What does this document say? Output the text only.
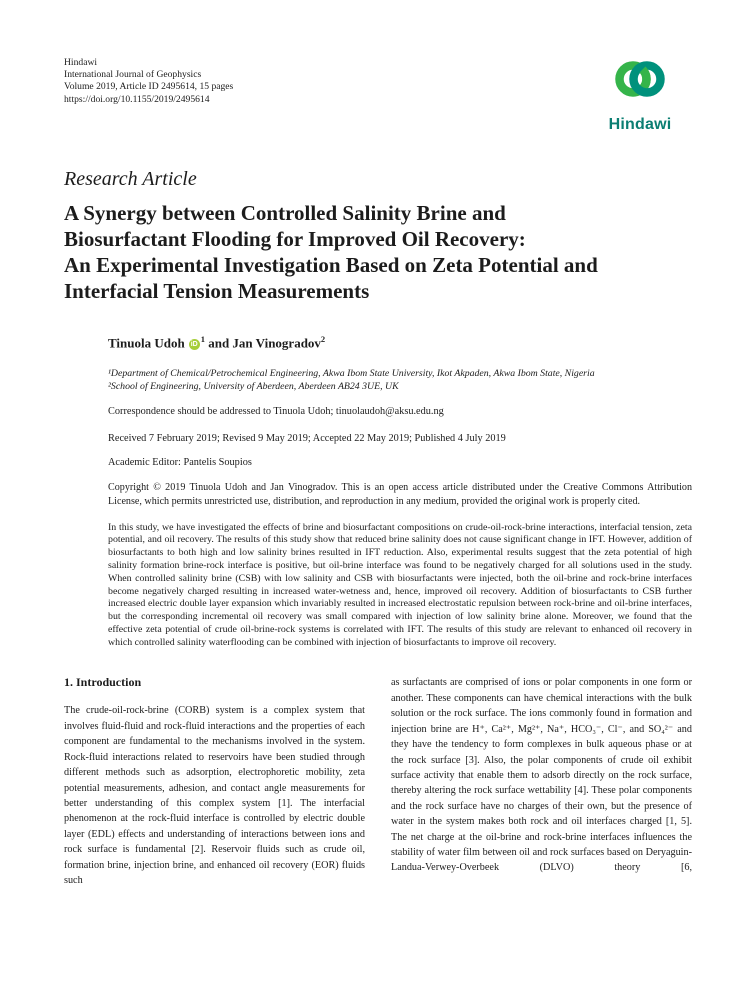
Hindawi
International Journal of Geophysics
Volume 2019, Article ID 2495614, 15 pages
https://doi.org/10.1155/2019/2495614
Hindawi
Research Article
A Synergy between Controlled Salinity Brine and
Biosurfactant Flooding for Improved Oil Recovery:
An Experimental Investigation Based on Zeta Potential and
Interfacial Tension Measurements
Tinuola Udoh $iD^1$ and Jan Vinogradov$^2$
¹Department of Chemical/Petrochemical Engineering, Akwa Ibom State University, Ikot Akpaden, Akwa Ibom State, Nigeria
²School of Engineering, University of Aberdeen, Aberdeen AB24 3UE, UK
Correspondence should be addressed to Tinuola Udoh; tinuolaudoh@aksu.edu.ng
Received 7 February 2019; Revised 9 May 2019; Accepted 22 May 2019; Published 4 July 2019
Academic Editor: Pantelis Soupios
Copyright © 2019 Tinuola Udoh and Jan Vinogradov. This is an open access article distributed under the Creative Commons Attribution License, which permits unrestricted use, distribution, and reproduction in any medium, provided the original work is properly cited.
In this study, we have investigated the effects of brine and biosurfactant compositions on crude-oil-rock-brine interactions, interfacial tension, zeta potential, and oil recovery. The results of this study show that reduced brine salinity does not cause significant change in IFT. However, addition of biosurfactants to both high and low salinity brines resulted in IFT reduction. Also, experimental results suggest that the zeta potential of high salinity formation brine-rock interface is positive, but oil-brine interface was found to be negatively charged for all solutions used in the study. When controlled salinity brine (CSB) with low salinity and CSB with biosurfactants were injected, both the oil-brine and rock-brine interfaces become negatively charged resulting in increased water-wetness and, hence, improved oil recovery. Addition of biosurfactants to CSB further increased electric double layer expansion which invariably resulted in increased electrostatic repulsion between rock-brine and oil-brine interfaces, but the corresponding incremental oil recovery was small compared with injection of low salinity brine alone. Moreover, we found that the effective zeta potential of crude oil-brine-rock systems is correlated with IFT. The results of this study are relevant to enhanced oil recovery in which controlled salinity waterflooding can be combined with injection of biosurfactants to improve oil recovery.
1. Introduction

The crude-oil-rock-brine (CORB) system is a complex system that involves fluid-fluid and rock-fluid interactions and the properties of each component are fundamental to the mechanisms involved in the system. Rock-fluid interactions related to reservoirs have been studied through different methods such as adsorption, electrophoretic mobility, zeta potential measurements, adhesion, and contact angle measurements for better understanding of this complex system [1]. The interfacial phenomenon at the rock-fluid interface is controlled by electric double layer (EDL) effects and understanding of interactions between ions and rock surface is fundamental [2]. Reservoir fluids such as crude oil, formation brine, injection brine, and enhanced oil recovery (EOR) fluids such

as surfactants are comprised of ions or polar components in one form or another. These components can have chemical interactions with the bulk solution or the rock surface. The ions commonly found in formation and injection brine are H⁺, Ca²⁺, Mg²⁺, Na⁺, HCO₃⁻, Cl⁻, and SO₄²⁻ and they have the tendency to form complexes in bulk aqueous phase or at the rock surface [3]. Also, the polar components of crude oil exhibit surface activity that enable them to adsorb directly on the rock surface, thereby altering the rock surface wettability [4]. These polar components and the rock surface have no charges of their own, but the presence of water in the system makes both rock and oil interfaces charged [1, 5]. The net charge at the oil-brine and rock-brine interfaces influences the stability of water film between oil and rock surfaces based on Deryaguin-Landua-Verwey-Overbeek (DLVO) theory [6,
